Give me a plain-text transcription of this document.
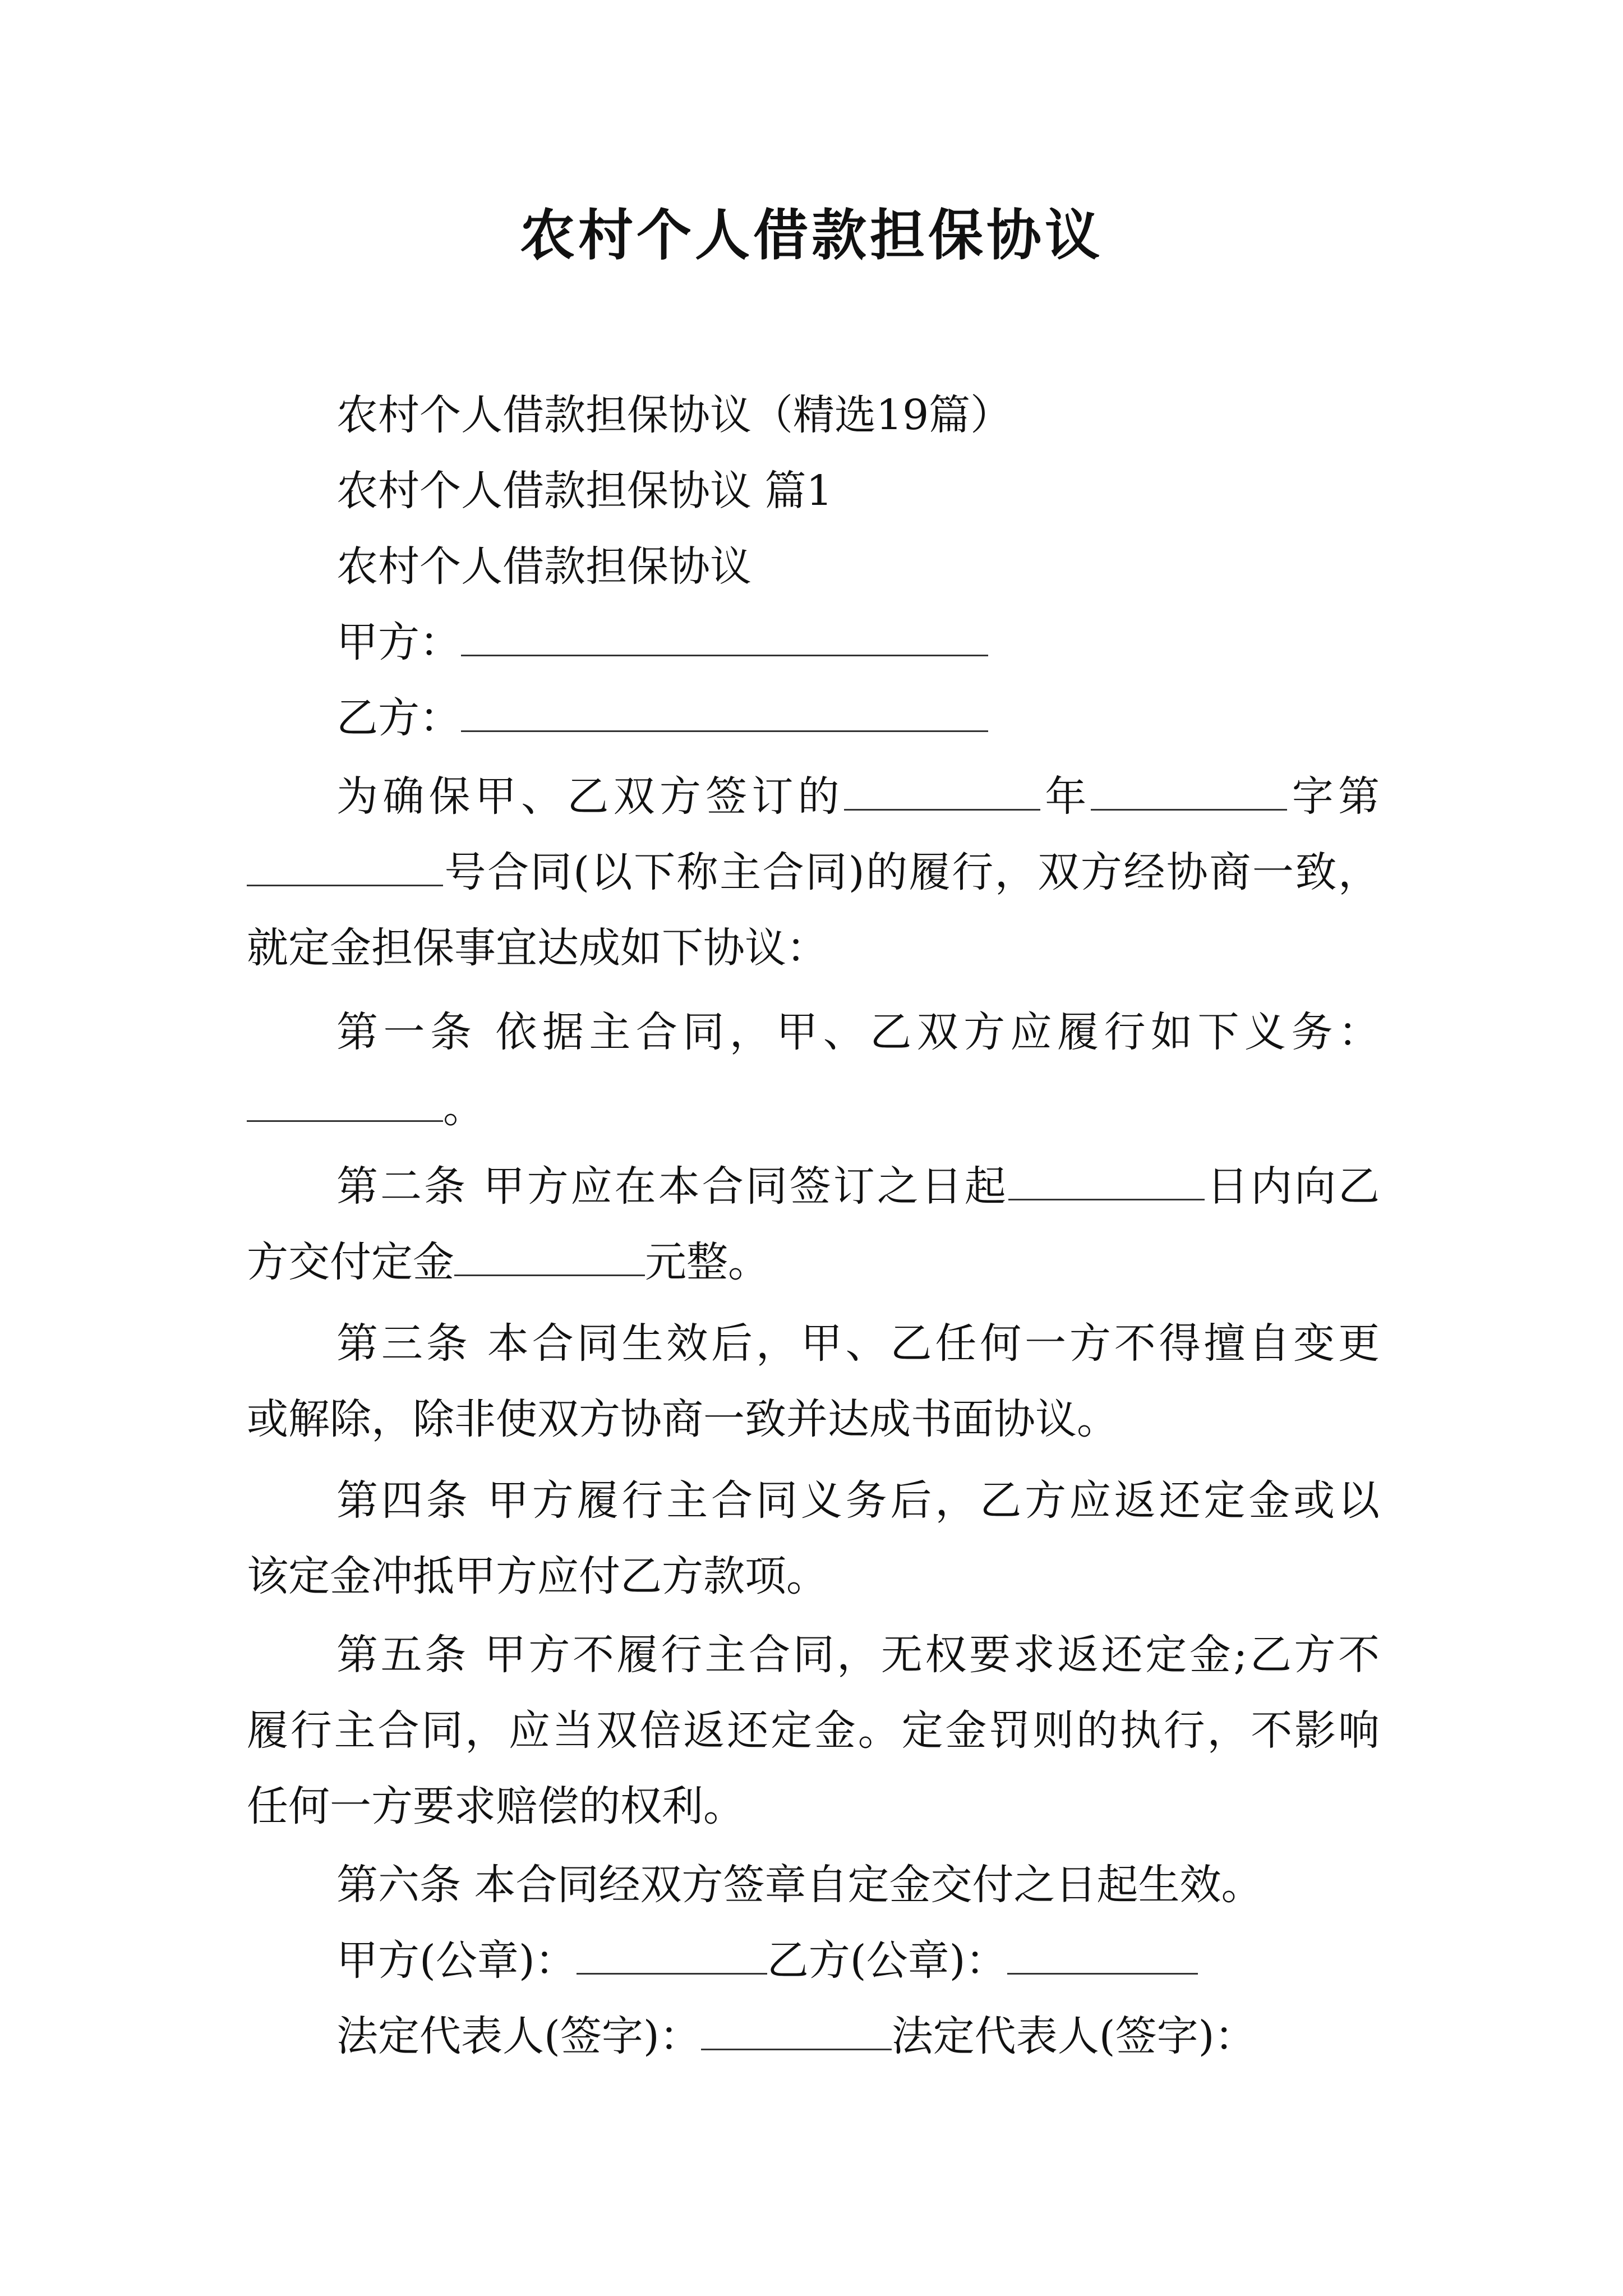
农村个人借款担保协议
农村个人借款担保协议（精选19篇）
农村个人借款担保协议 篇1
农村个人借款担保协议
甲方：
乙方：
为确保甲、乙双方签订的	年	字第
号合同(以下称主合同)的履行，双方经协商一致，
就定金担保事宜达成如下协议：
第一条 依据主合同，甲、乙双方应履行如下义务：
。
第二条 甲方应在本合同签订之日起	日内向乙
方交付定金	元整。
第三条 本合同生效后，甲、乙任何一方不得擅自变更
或解除，除非使双方协商一致并达成书面协议。
第四条 甲方履行主合同义务后，乙方应返还定金或以
该定金冲抵甲方应付乙方款项。
第五条 甲方不履行主合同，无权要求返还定金;乙方不
履行主合同，应当双倍返还定金。定金罚则的执行，不影响
任何一方要求赔偿的权利。
第六条 本合同经双方签章自定金交付之日起生效。
甲方(公章)：	乙方(公章)：
法定代表人(签字)：	法定代表人(签字)：
